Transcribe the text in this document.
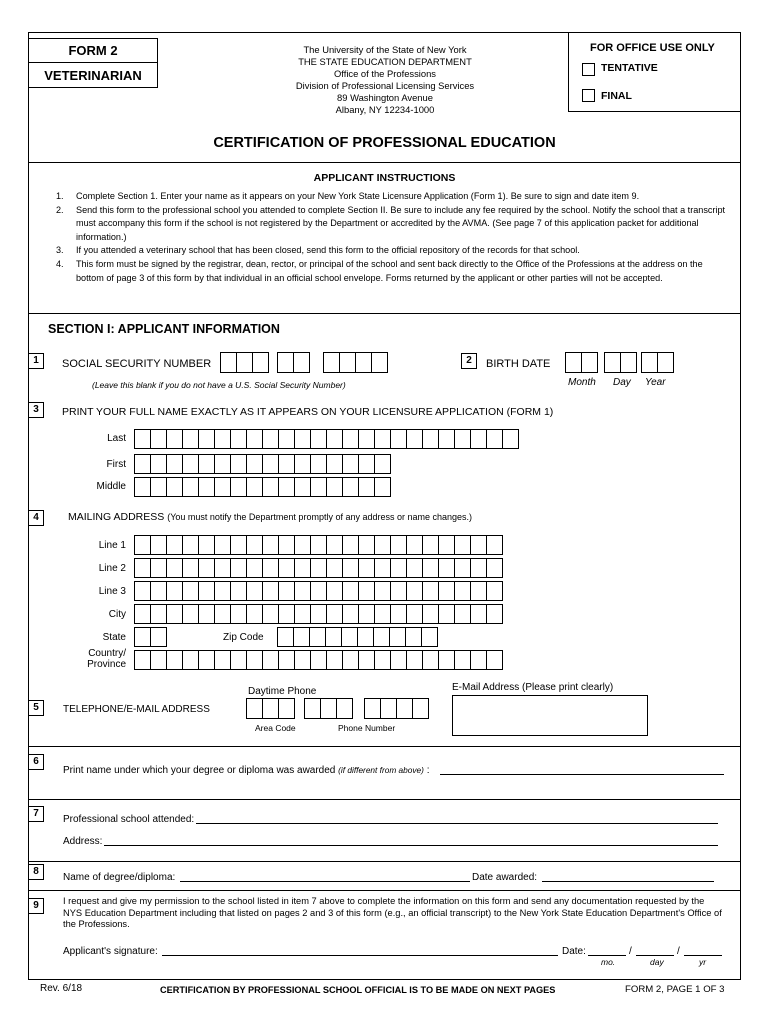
FORM 2
VETERINARIAN
The University of the State of New York
THE STATE EDUCATION DEPARTMENT
Office of the Professions
Division of Professional Licensing Services
89 Washington Avenue
Albany, NY 12234-1000
FOR OFFICE USE ONLY
TENTATIVE
FINAL
CERTIFICATION OF PROFESSIONAL EDUCATION
APPLICANT INSTRUCTIONS
1. Complete Section 1. Enter your name as it appears on your New York State Licensure Application (Form 1). Be sure to sign and date item 9.
2. Send this form to the professional school you attended to complete Section II. Be sure to include any fee required by the school. Notify the school that a transcript must accompany this form if the school is not registered by the Department or accredited by the AVMA. (See page 7 of this application packet for additional information.)
3. If you attended a veterinary school that has been closed, send this form to the official repository of the records for that school.
4. This form must be signed by the registrar, dean, rector, or principal of the school and sent back directly to the Office of the Professions at the address on the bottom of page 3 of this form by that individual in an official school envelope. Forms returned by the applicant or other parties will not be accepted.
SECTION I: APPLICANT INFORMATION
1	SOCIAL SECURITY NUMBER
(Leave this blank if you do not have a U.S. Social Security Number)
2	BIRTH DATE
Month Day Year
3	PRINT YOUR FULL NAME EXACTLY AS IT APPEARS ON YOUR LICENSURE APPLICATION (FORM 1)
Last
First
Middle
4	MAILING ADDRESS (You must notify the Department promptly of any address or name changes.)
Line 1
Line 2
Line 3
City
State	Zip Code
Country/
Province
5	TELEPHONE/E-MAIL ADDRESS
Daytime Phone
Area Code	Phone Number
E-Mail Address (Please print clearly)
6
Print name under which your degree or diploma was awarded (if different from above) :
7
Professional school attended:
Address:
8
Name of degree/diploma:	Date awarded:
9	I request and give my permission to the school listed in item 7 above to complete the information on this form and send any documentation requested by the NYS Education Department including that listed on pages 2 and 3 of this form (e.g., an official transcript) to the New York State Education Department's Office of the Professions.
Applicant's signature:	Date:	/	/
mo.	day	yr
Rev. 6/18	CERTIFICATION BY PROFESSIONAL SCHOOL OFFICIAL IS TO BE MADE ON NEXT PAGES	FORM 2, PAGE 1 OF 3
